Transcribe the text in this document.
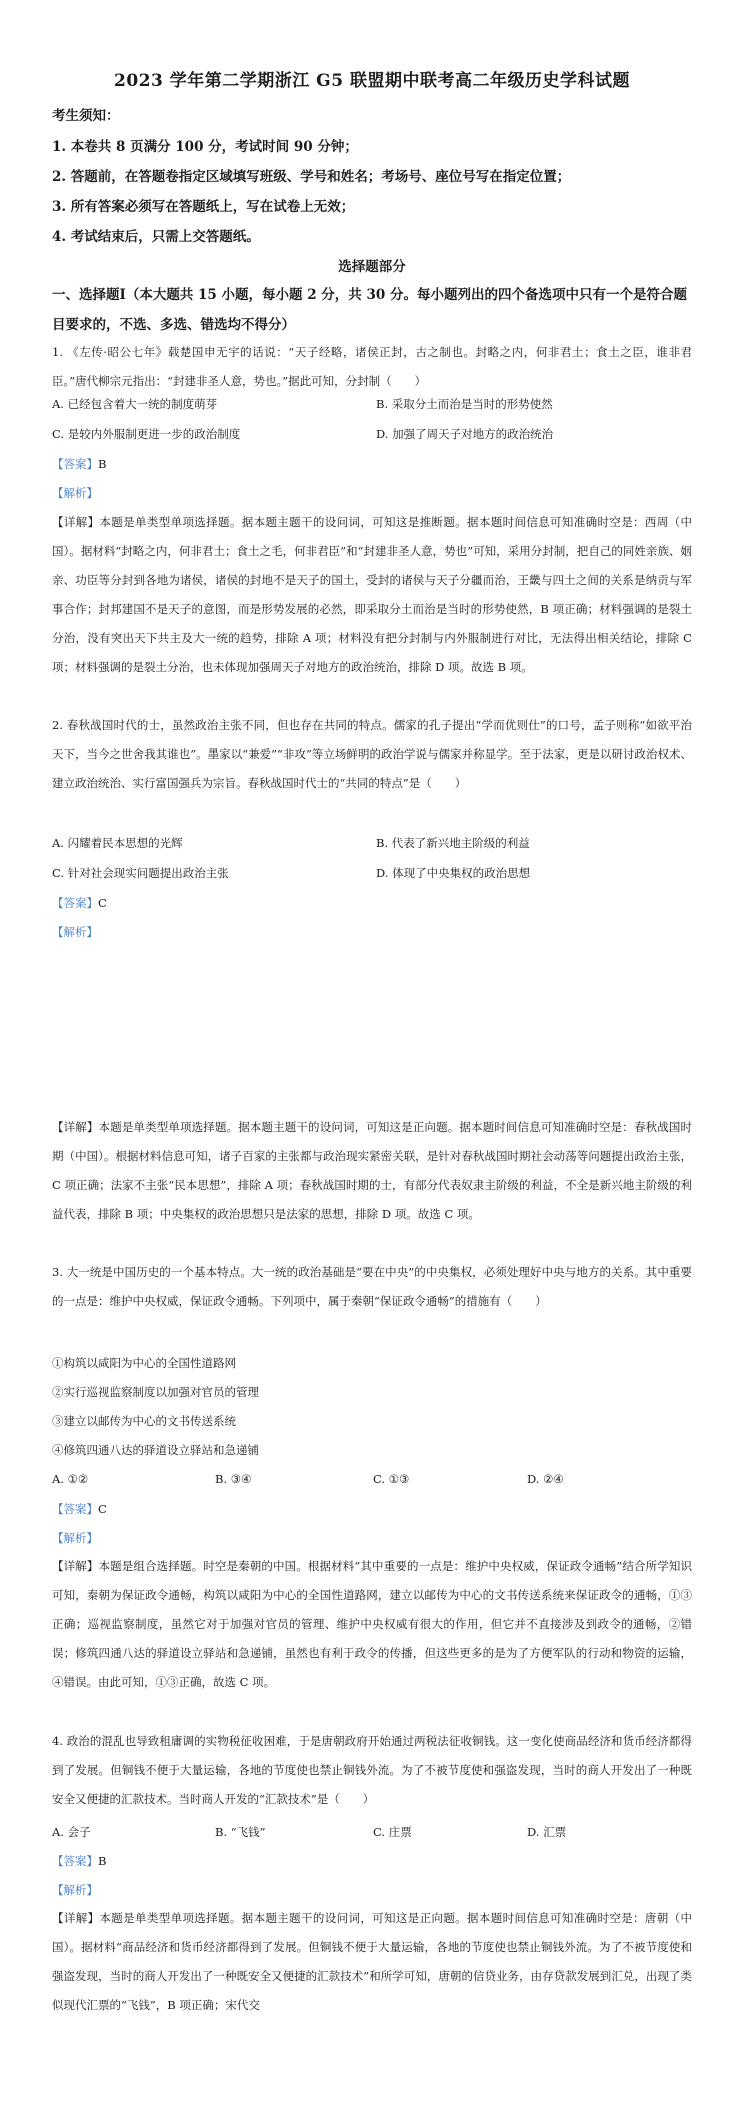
2023 学年第二学期浙江 G5 联盟期中联考高二年级历史学科试题
考生须知：
1. 本卷共 8 页满分 100 分，考试时间 90 分钟；
2. 答题前，在答题卷指定区域填写班级、学号和姓名；考场号、座位号写在指定位置；
3. 所有答案必须写在答题纸上，写在试卷上无效；
4. 考试结束后，只需上交答题纸。
选择题部分
一、选择题Ⅰ（本大题共 15 小题，每小题 2 分，共 30 分。每小题列出的四个备选项中只有一个是符合题目要求的，不选、多选、错选均不得分）
1. 《左传·昭公七年》载楚国申无宇的话说：“天子经略，诸侯正封，古之制也。封略之内，何非君土；食土之臣，谁非君臣。”唐代柳宗元指出：“封建非圣人意，势也。”据此可知，分封制（　　）
A. 已经包含着大一统的制度萌芽	B. 采取分土而治是当时的形势使然
C. 是较内外服制更进一步的政治制度	D. 加强了周天子对地方的政治统治
【答案】B
【解析】
【详解】本题是单类型单项选择题。据本题主题干的设问词，可知这是推断题。据本题时间信息可知准确时空是：西周（中国）。据材料“封略之内，何非君土；食土之毛，何非君臣”和“封建非圣人意，势也”可知，采用分封制，把自己的同姓亲族、姻亲、功臣等分封到各地为诸侯，诸侯的封地不是天子的国土，受封的诸侯与天子分疆而治，王畿与四土之间的关系是纳贡与军事合作；封邦建国不是天子的意图，而是形势发展的必然，即采取分土而治是当时的形势使然，B 项正确；材料强调的是裂土分治，没有突出天下共主及大一统的趋势，排除 A 项；材料没有把分封制与内外服制进行对比，无法得出相关结论，排除 C 项；材料强调的是裂土分治，也未体现加强周天子对地方的政治统治，排除 D 项。故选 B 项。
2. 春秋战国时代的士，虽然政治主张不同，但也存在共同的特点。儒家的孔子提出“学而优则仕”的口号，孟子则称“如欲平治天下，当今之世舍我其谁也”。墨家以“兼爱”“非攻”等立场鲜明的政治学说与儒家并称显学。至于法家，更是以研讨政治权术、建立政治统治、实行富国强兵为宗旨。春秋战国时代士的“共同的特点”是（　　）
A. 闪耀着民本思想的光辉	B. 代表了新兴地主阶级的利益
C. 针对社会现实问题提出政治主张	D. 体现了中央集权的政治思想
【答案】C
【解析】
【详解】本题是单类型单项选择题。据本题主题干的设问词，可知这是正向题。据本题时间信息可知准确时空是：春秋战国时期（中国）。根据材料信息可知，诸子百家的主张都与政治现实紧密关联，是针对春秋战国时期社会动荡等问题提出政治主张，C 项正确；法家不主张“民本思想”，排除 A 项；春秋战国时期的士，有部分代表奴隶主阶级的利益，不全是新兴地主阶级的利益代表，排除 B 项；中央集权的政治思想只是法家的思想，排除 D 项。故选 C 项。
3. 大一统是中国历史的一个基本特点。大一统的政治基础是“要在中央”的中央集权，必须处理好中央与地方的关系。其中重要的一点是：维护中央权威，保证政令通畅。下列项中，属于秦朝“保证政令通畅”的措施有（　　）
①构筑以咸阳为中心的全国性道路网
②实行巡视监察制度以加强对官员的管理
③建立以邮传为中心的文书传送系统
④修筑四通八达的驿道设立驿站和急递铺
A. ①②	B. ③④	C. ①③	D. ②④
【答案】C
【解析】
【详解】本题是组合选择题。时空是秦朝的中国。根据材料“其中重要的一点是：维护中央权威，保证政令通畅”结合所学知识可知，秦朝为保证政令通畅，构筑以咸阳为中心的全国性道路网，建立以邮传为中心的文书传送系统来保证政令的通畅，①③正确；巡视监察制度，虽然它对于加强对官员的管理、维护中央权威有很大的作用，但它并不直接涉及到政令的通畅，②错误；修筑四通八达的驿道设立驿站和急递铺，虽然也有利于政令的传播，但这些更多的是为了方便军队的行动和物资的运输，④错误。由此可知，①③正确，故选 C 项。
4. 政治的混乱也导致租庸调的实物税征收困难，于是唐朝政府开始通过两税法征收铜钱。这一变化使商品经济和货币经济都得到了发展。但铜钱不便于大量运输，各地的节度使也禁止铜钱外流。为了不被节度使和强盗发现，当时的商人开发出了一种既安全又便捷的汇款技术。当时商人开发的“汇款技术”是（　　）
A. 会子	B. “飞钱”	C. 庄票	D. 汇票
【答案】B
【解析】
【详解】本题是单类型单项选择题。据本题主题干的设问词，可知这是正向题。据本题时间信息可知准确时空是：唐朝（中国）。据材料“商品经济和货币经济都得到了发展。但铜钱不便于大量运输，各地的节度使也禁止铜钱外流。为了不被节度使和强盗发现，当时的商人开发出了一种既安全又便捷的汇款技术”和所学可知，唐朝的信贷业务，由存贷款发展到汇兑，出现了类似现代汇票的“飞钱”，B 项正确；宋代交
